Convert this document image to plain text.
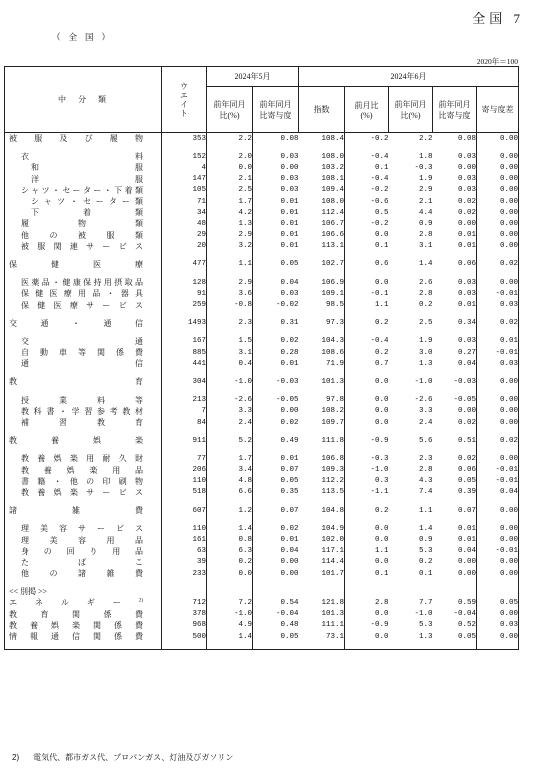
全国 7
（全国）
2020年＝100
中　分　類	ウエイト	2024年5月		2024年6月				
		前年同月比(%)	前年同月比寄与度	指数	前月比(%)	前年同月比(%)	前年同月比寄与度	寄与度差
被服及び履物	353	2.2	0.08	108.4	-0.2	2.2	0.08	0.00

衣料	152	2.0	0.03	108.0	-0.4	1.8	0.03	0.00
和服	4	0.0	0.00	103.2	0.1	-0.3	0.00	0.00
洋服	147	2.1	0.03	108.1	-0.4	1.9	0.03	0.00
シャツ・セーター・下着類	105	2.5	0.03	109.4	-0.2	2.9	0.03	0.00
シャツ・セーター類	71	1.7	0.01	108.0	-0.6	2.1	0.02	0.00
下着類	34	4.2	0.01	112.4	0.5	4.4	0.02	0.00
履物類	48	1.3	0.01	106.7	-0.2	0.9	0.00	0.00
他の被服類	29	2.9	0.01	106.6	0.0	2.8	0.01	0.00
被服関連サービス	20	3.2	0.01	113.1	0.1	3.1	0.01	0.00

保健医療	477	1.1	0.05	102.7	0.6	1.4	0.06	0.02

医薬品・健康保持用摂取品	128	2.9	0.04	106.9	0.0	2.6	0.03	0.00
保健医療用品・器具	91	3.6	0.03	109.1	-0.1	2.8	0.03	-0.01
保健医療サービス	259	-0.8	-0.02	98.5	1.1	0.2	0.01	0.03

交通・通信	1493	2.3	0.31	97.3	0.2	2.5	0.34	0.02

交通	167	1.5	0.02	104.3	-0.4	1.9	0.03	0.01
自動車等関係費	885	3.1	0.28	108.6	0.2	3.0	0.27	-0.01
通信	441	0.4	0.01	71.9	0.7	1.3	0.04	0.03

教育	304	-1.0	-0.03	101.3	0.0	-1.0	-0.03	0.00

授業料等	213	-2.6	-0.05	97.8	0.0	-2.6	-0.05	0.00
教科書・学習参考教材	7	3.3	0.00	108.2	0.0	3.3	0.00	0.00
補習教育	84	2.4	0.02	109.7	0.0	2.4	0.02	0.00

教養娯楽	911	5.2	0.49	111.8	-0.9	5.6	0.51	0.02

教養娯楽用耐久財	77	1.7	0.01	106.8	-0.3	2.3	0.02	0.00
教養娯楽用品	206	3.4	0.07	109.3	-1.0	2.8	0.06	-0.01
書籍・他の印刷物	110	4.8	0.05	112.2	0.3	4.3	0.05	-0.01
教養娯楽サービス	518	6.6	0.35	113.5	-1.1	7.4	0.39	0.04

諸雑費	607	1.2	0.07	104.8	0.2	1.1	0.07	0.00

理美容サービス	110	1.4	0.02	104.9	0.0	1.4	0.01	0.00
理美容用品	161	0.8	0.01	102.0	0.0	0.9	0.01	0.00
身の回り用品	63	6.3	0.04	117.1	1.1	5.3	0.04	-0.01
たばこ	39	0.2	0.00	114.4	0.0	0.2	0.00	0.00
他の諸雑費	233	0.0	0.00	101.7	0.1	0.1	0.00	0.00

<< 別掲 >>								
エネルギー$^{2)}$	712	7.2	0.54	121.8	2.8	7.7	0.59	0.05
教育関係費	378	-1.0	-0.04	101.3	0.0	-1.0	-0.04	0.00
教養娯楽関係費	968	4.9	0.48	111.1	-0.9	5.3	0.52	0.03
情報通信関係費	500	1.4	0.05	73.1	0.0	1.3	0.05	0.00

2) 電気代、都市ガス代、プロパンガス、灯油及びガソリン
